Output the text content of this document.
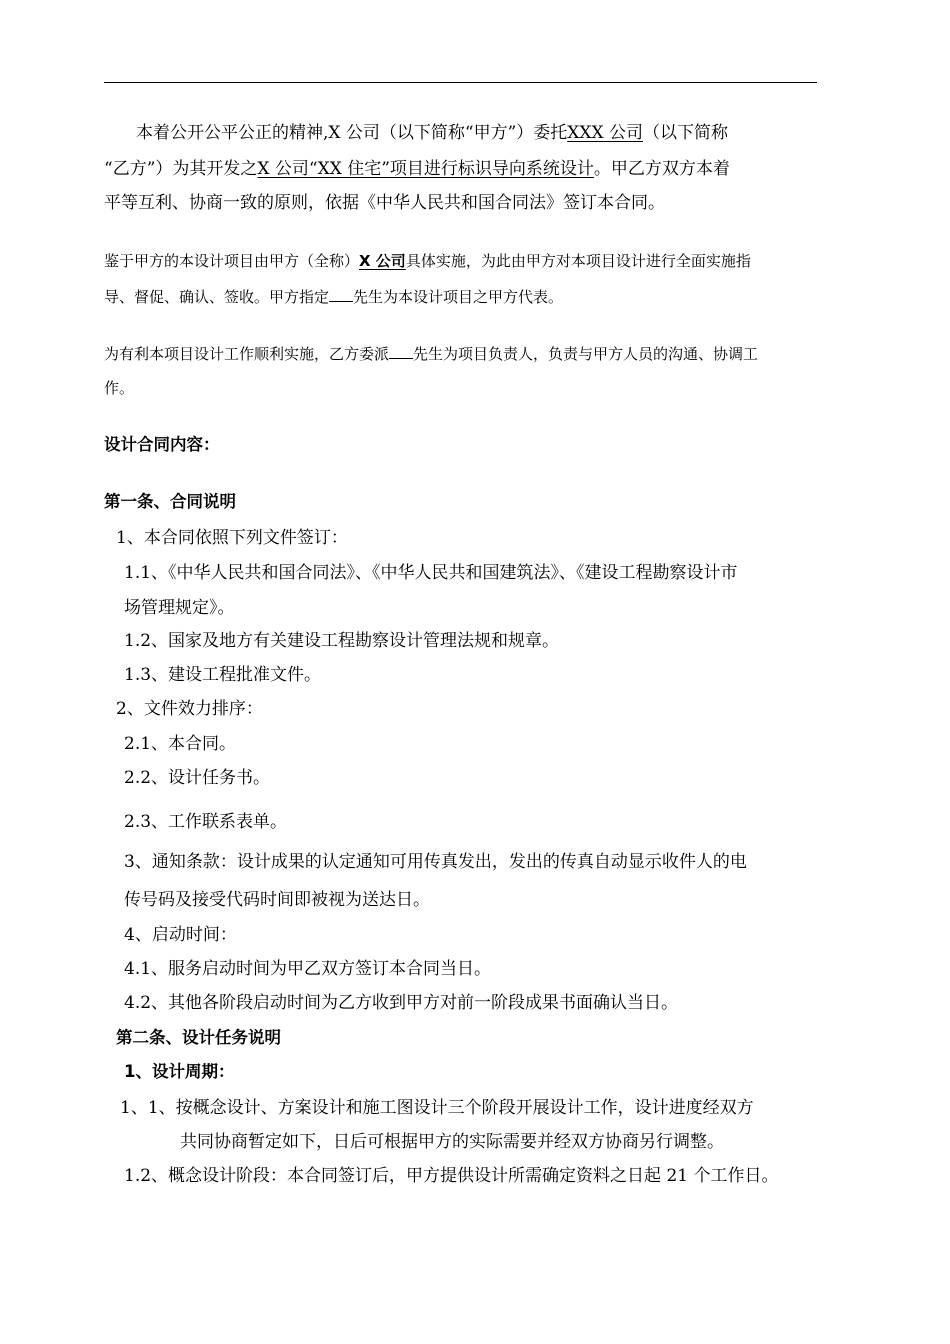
本着公开公平公正的精神,X 公司（以下简称“甲方”）委托XXX 公司（以下简称

“乙方”）为其开发之X 公司“XX 住宅”项目进行标识导向系统设计。甲乙方双方本着

平等互利、协商一致的原则，依据《中华人民共和国合同法》签订本合同。

鉴于甲方的本设计项目由甲方（全称）X 公司具体实施，为此由甲方对本项目设计进行全面实施指

导、督促、确认、签收。甲方指定 先生为本设计项目之甲方代表。

为有利本项目设计工作顺利实施，乙方委派 先生为项目负责人，负责与甲方人员的沟通、协调工

作。

设计合同内容：

第一条、合同说明

1、本合同依照下列文件签订：

1.1、《中华人民共和国合同法》、《中华人民共和国建筑法》、《建设工程勘察设计市

场管理规定》。

1.2、国家及地方有关建设工程勘察设计管理法规和规章。

1.3、建设工程批准文件。

2、文件效力排序：

2.1、本合同。

2.2、设计任务书。

2.3、工作联系表单。

3、通知条款：设计成果的认定通知可用传真发出，发出的传真自动显示收件人的电

传号码及接受代码时间即被视为送达日。

4、启动时间：

4.1、服务启动时间为甲乙双方签订本合同当日。

4.2、其他各阶段启动时间为乙方收到甲方对前一阶段成果书面确认当日。

第二条、设计任务说明

1、设计周期：

1、1、按概念设计、方案设计和施工图设计三个阶段开展设计工作，设计进度经双方

共同协商暂定如下，日后可根据甲方的实际需要并经双方协商另行调整。

1.2、概念设计阶段：本合同签订后，甲方提供设计所需确定资料之日起 21 个工作日。
